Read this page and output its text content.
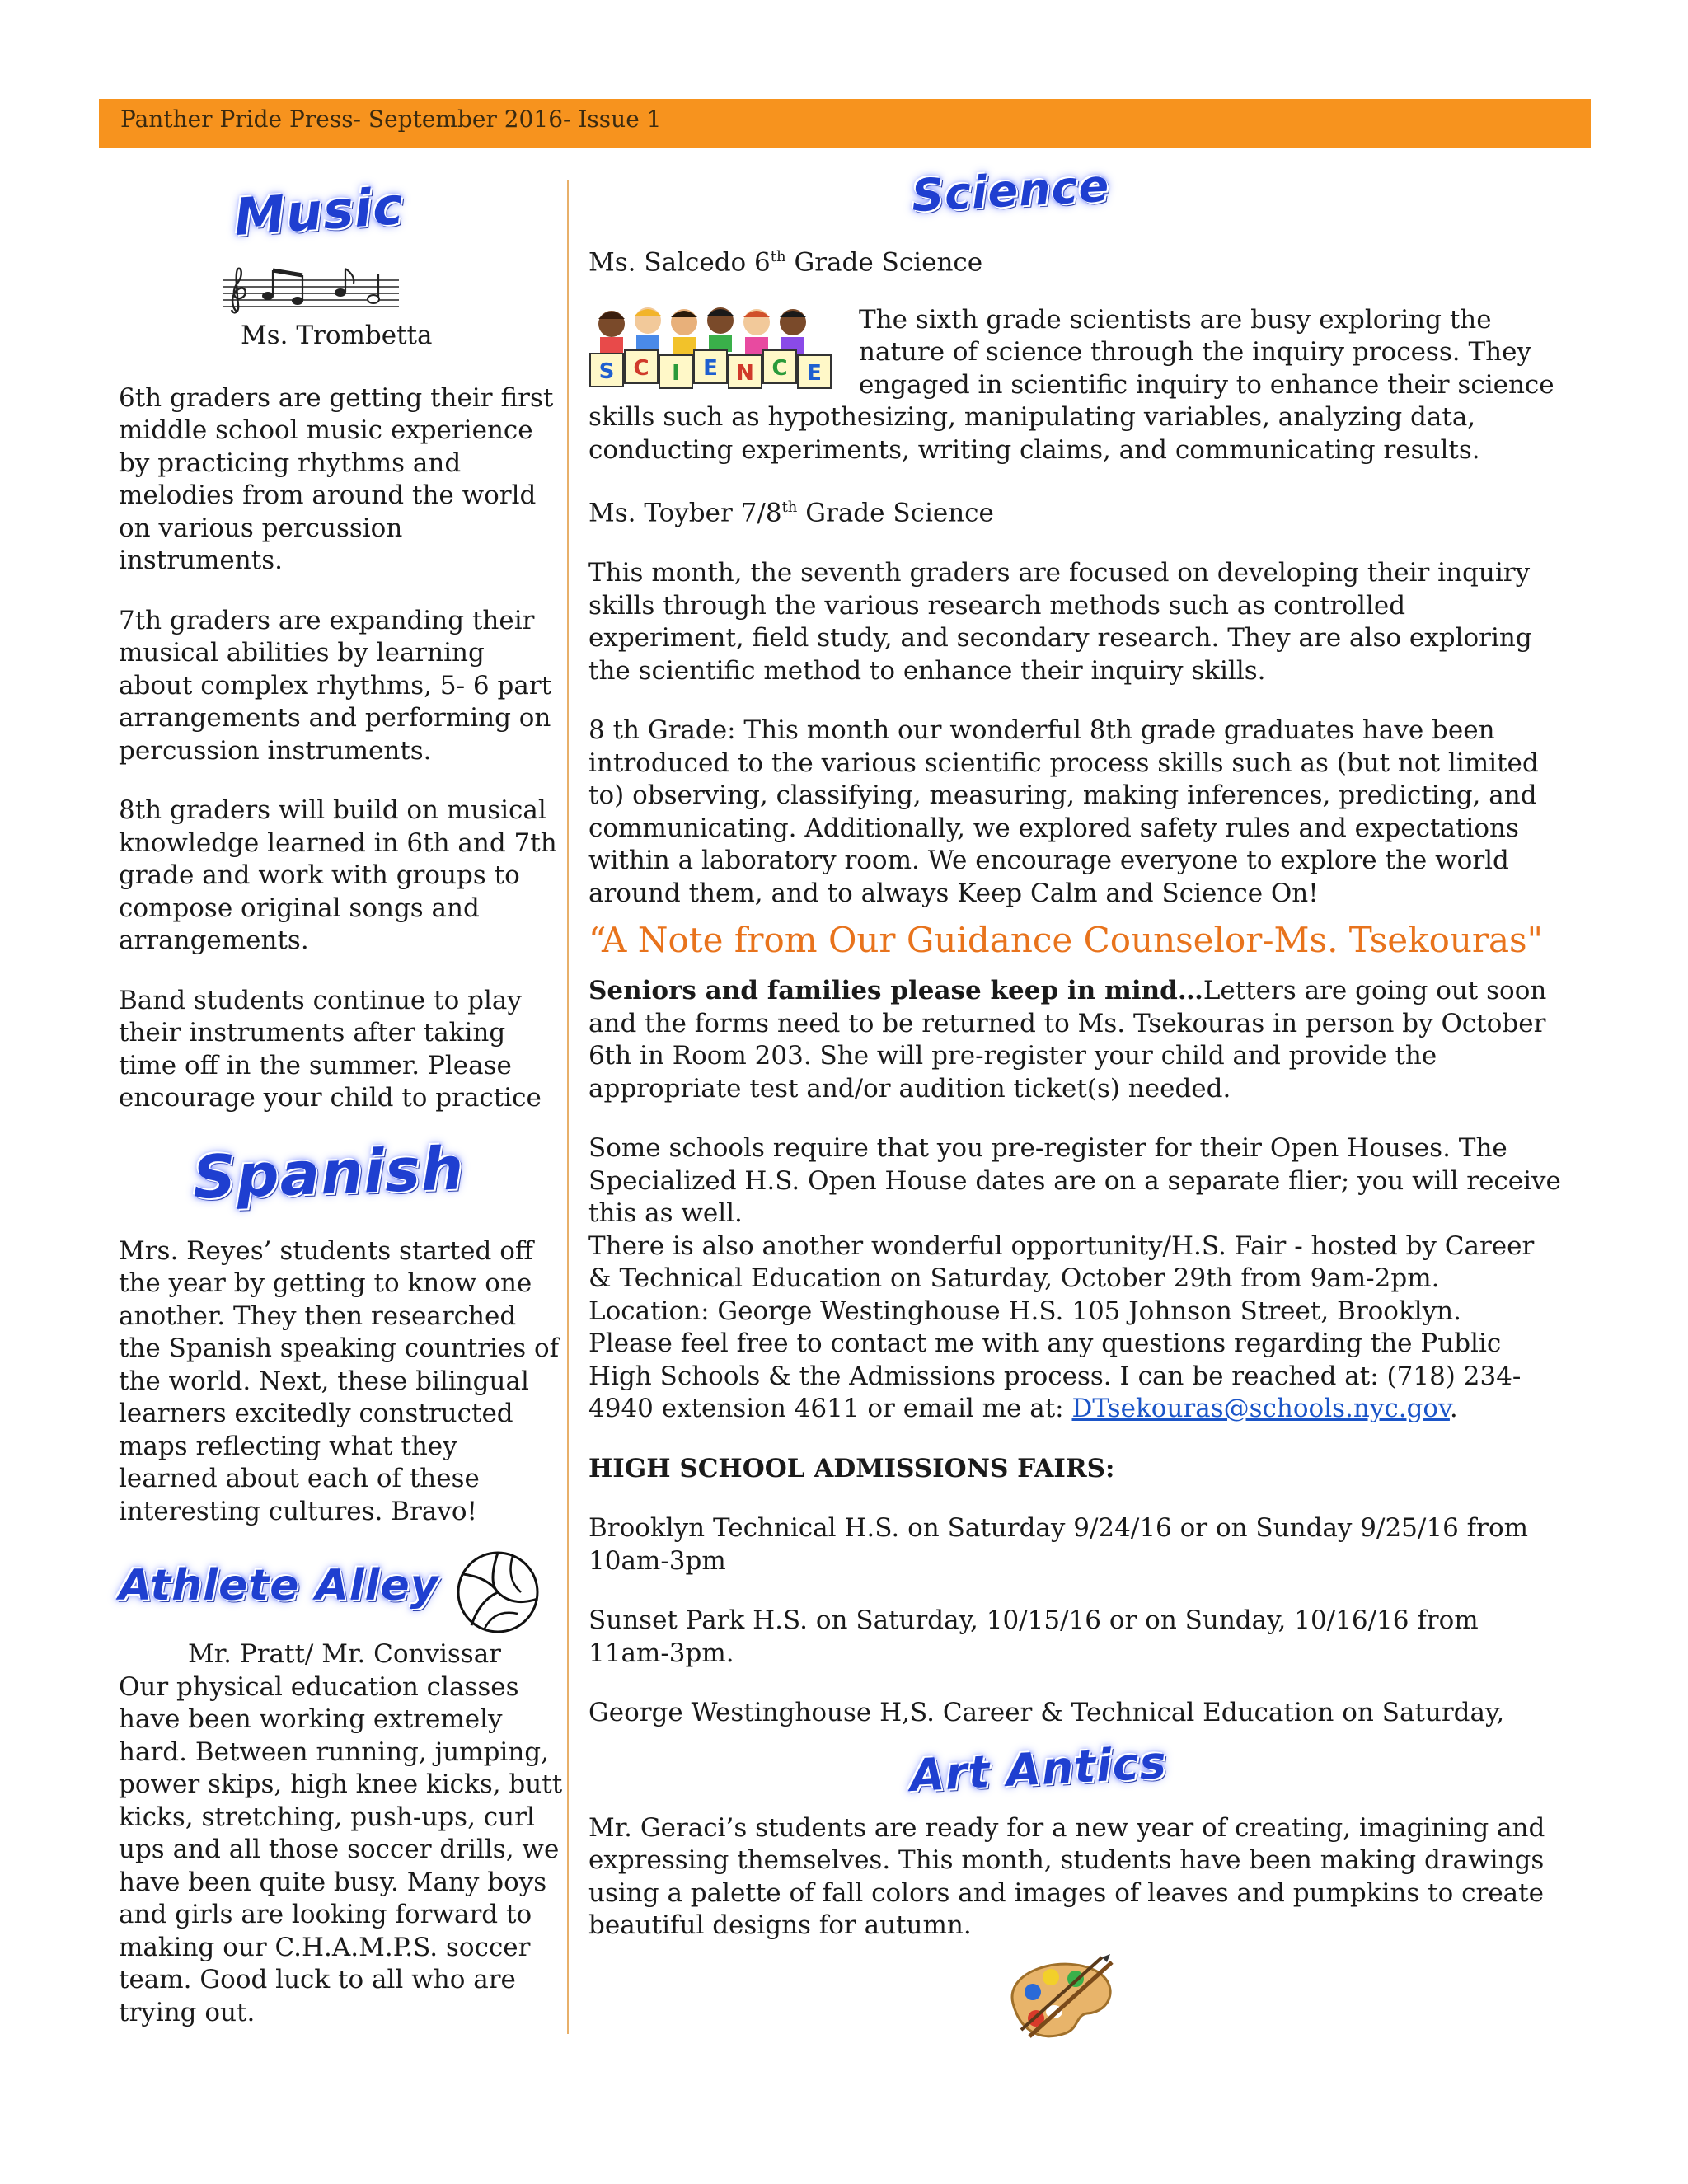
Panther Pride Press- September 2016- Issue 1
Music

Ms. Trombetta

6th graders are getting their first middle school music experience by practicing rhythms and melodies from around the world on various percussion instruments.

7th graders are expanding their musical abilities by learning about complex rhythms, 5- 6 part arrangements and performing on percussion instruments.

8th graders will build on musical knowledge learned in 6th and 7th grade and work with groups to compose original songs and arrangements.

Band students continue to play their instruments after taking time off in the summer. Please encourage your child to practice

Spanish

Mrs. Reyes’ students started off the year by getting to know one another. They then researched the Spanish speaking countries of the world. Next, these bilingual learners excitedly constructed maps reflecting what they learned about each of these interesting cultures. Bravo!

Athlete Alley

Mr. Pratt/ Mr. Convissar

Our physical education classes have been working extremely hard. Between running, jumping, power skips, high knee kicks, butt kicks, stretching, push-ups, curl ups and all those soccer drills, we have been quite busy. Many boys and girls are looking forward to making our C.H.A.M.P.S. soccer team. Good luck to all who are trying out.

Science

Ms. Salcedo 6th Grade Science

S C I E N C E

The sixth grade scientists are busy exploring the nature of science through the inquiry process. They engaged in scientific inquiry to enhance their science skills such as hypothesizing, manipulating variables, analyzing data, conducting experiments, writing claims, and communicating results.

Ms. Toyber 7/8th Grade Science

This month, the seventh graders are focused on developing their inquiry skills through the various research methods such as controlled experiment, field study, and secondary research. They are also exploring the scientific method to enhance their inquiry skills.

8 th Grade: This month our wonderful 8th grade graduates have been introduced to the various scientific process skills such as (but not limited to) observing, classifying, measuring, making inferences, predicting, and communicating. Additionally, we explored safety rules and expectations within a laboratory room. We encourage everyone to explore the world around them, and to always Keep Calm and Science On!

“A Note from Our Guidance Counselor-Ms. Tsekouras"

Seniors and families please keep in mind…Letters are going out soon and the forms need to be returned to Ms. Tsekouras in person by October 6th in Room 203. She will pre-register your child and provide the appropriate test and/or audition ticket(s) needed.

Some schools require that you pre-register for their Open Houses. The Specialized H.S. Open House dates are on a separate flier; you will receive this as well.

There is also another wonderful opportunity/H.S. Fair - hosted by Career & Technical Education on Saturday, October 29th from 9am-2pm.

Location: George Westinghouse H.S. 105 Johnson Street, Brooklyn.

Please feel free to contact me with any questions regarding the Public High Schools & the Admissions process. I can be reached at: (718) 234-4940 extension 4611 or email me at: DTsekouras@schools.nyc.gov.

HIGH SCHOOL ADMISSIONS FAIRS:

Brooklyn Technical H.S. on Saturday 9/24/16 or on Sunday 9/25/16 from 10am-3pm

Sunset Park H.S. on Saturday, 10/15/16 or on Sunday, 10/16/16 from 11am-3pm.

George Westinghouse H,S. Career & Technical Education on Saturday,

Art Antics

Mr. Geraci’s students are ready for a new year of creating, imagining and expressing themselves. This month, students have been making drawings using a palette of fall colors and images of leaves and pumpkins to create beautiful designs for autumn.
